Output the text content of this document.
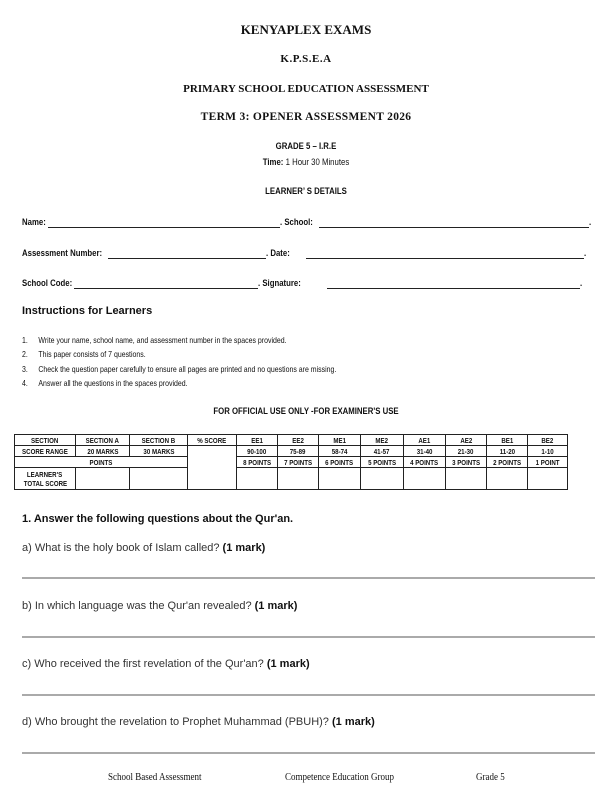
KENYAPLEX EXAMS
K.P.S.E.A
PRIMARY SCHOOL EDUCATION ASSESSMENT
TERM 3: OPENER ASSESSMENT 2026
GRADE 5 – I.R.E
Time: 1 Hour 30 Minutes
LEARNER’ S DETAILS
Name:	. School:	.
Assessment Number:	. Date:	.
School Code:	. Signature:	.
Instructions for Learners
1. Write your name, school name, and assessment number in the spaces provided.
2. This paper consists of 7 questions.
3. Check the question paper carefully to ensure all pages are printed and no questions are missing.
4. Answer all the questions in the spaces provided.
FOR OFFICIAL USE ONLY -FOR EXAMINER'S USE
SECTION	SECTION A	SECTION B	% SCORE	EE1	EE2	ME1	ME2	AE1	AE2	BE1	BE2
SCORE RANGE	20 MARKS	30 MARKS		90-100	75-89	58-74	41-57	31-40	21-30	11-20	1-10
POINTS				8 POINTS	7 POINTS	6 POINTS	5 POINTS	4 POINTS	3 POINTS	2 POINTS	1 POINT
LEARNER'S
TOTAL SCORE											
1. Answer the following questions about the Qur'an.
a) What is the holy book of Islam called? (1 mark)
b) In which language was the Qur'an revealed? (1 mark)
c) Who received the first revelation of the Qur'an? (1 mark)
d) Who brought the revelation to Prophet Muhammad (PBUH)? (1 mark)
School Based Assessment	Competence Education Group	Grade 5
